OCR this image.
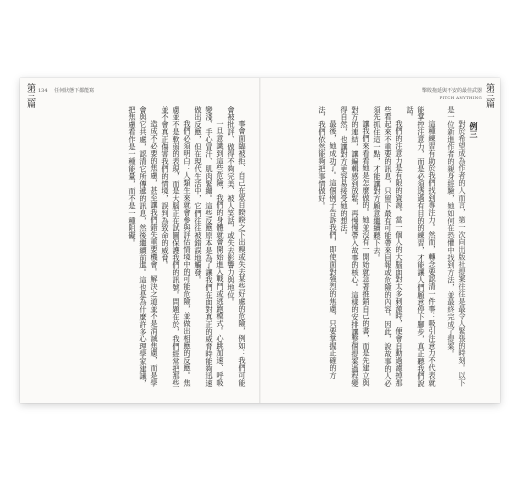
第三篇 134 任何狀態下都能寫

事會面臨被拒、自己在眾目睽睽之下出糗或失去某些好處的危險，例如：我們可能會被批評、做得不夠完美、被人笑話，或失去影響力與地位。

一旦意識到這些危險，我們的身體就會開始進入戰鬥或逃跑模式。心跳加速、呼吸變淺、手心冒汗、肌肉緊繃。這些反應原本是為了讓我們在面對真正的威脅時能夠迅速做出反應，但在現代生活中，它們往往被錯誤地觸發。

我們必須明白：人類生來就會參與評估情境中的可能危險，並做出相應的反應。焦慮並不是軟弱的表現，而是大腦正在試圖保護我們的訊號。問題在於，我們經常把那些並不會真正傷害我們的情境，誤判為致命的威脅。

造成不必要的焦慮，甚至讓我們錯失重要機會。解決之道並不是消滅焦慮，而是學會與它共處，認清它所傳遞的訊息，然後繼續前進。這也是為什麼許多心理學家建議，把焦慮看作是一種能量，而不是一種阻礙。

第三篇
擊敗拖延與不安的最佳武器
PITCH ANYTHING

例三

對於希望成為作者的人而言，第一次向出版社提案往往是最令人緊張的時刻。以下是一位新進作者的親身經驗，她如何在恐懼中找到方法，並最終完成了提案。

這種練習有助於我們找到專注力。然而，轉念要認清一件事：吸引注意力不代表就能掌控注意力，而是必須透過有目的的練習，才能讓人們願意停下腳步，真正聽我們說話。

我們的注意力是有限的資源。當一個人的大腦面對太多刺激時，便會自動過濾掉那些看起來不重要的訊息，只留下最有可能帶來回報或危險的內容。因此，說故事的人必須先抓住這一點，才能讓對方願意繼續聽下去。

讓我們來看看她是怎麼做的。她並沒有一開始就急著推銷自己的書，而是先建立與對方的連結，讓編輯感到放鬆，再慢慢帶入故事的核心。這樣的安排讓整個提案過程變得自然，也讓對方更容易接受她的想法。

最後，她成功了。這個例子告訴我們，即使面對強烈的焦慮，只要掌握正確的方法，我們依然能夠把事情做好。
